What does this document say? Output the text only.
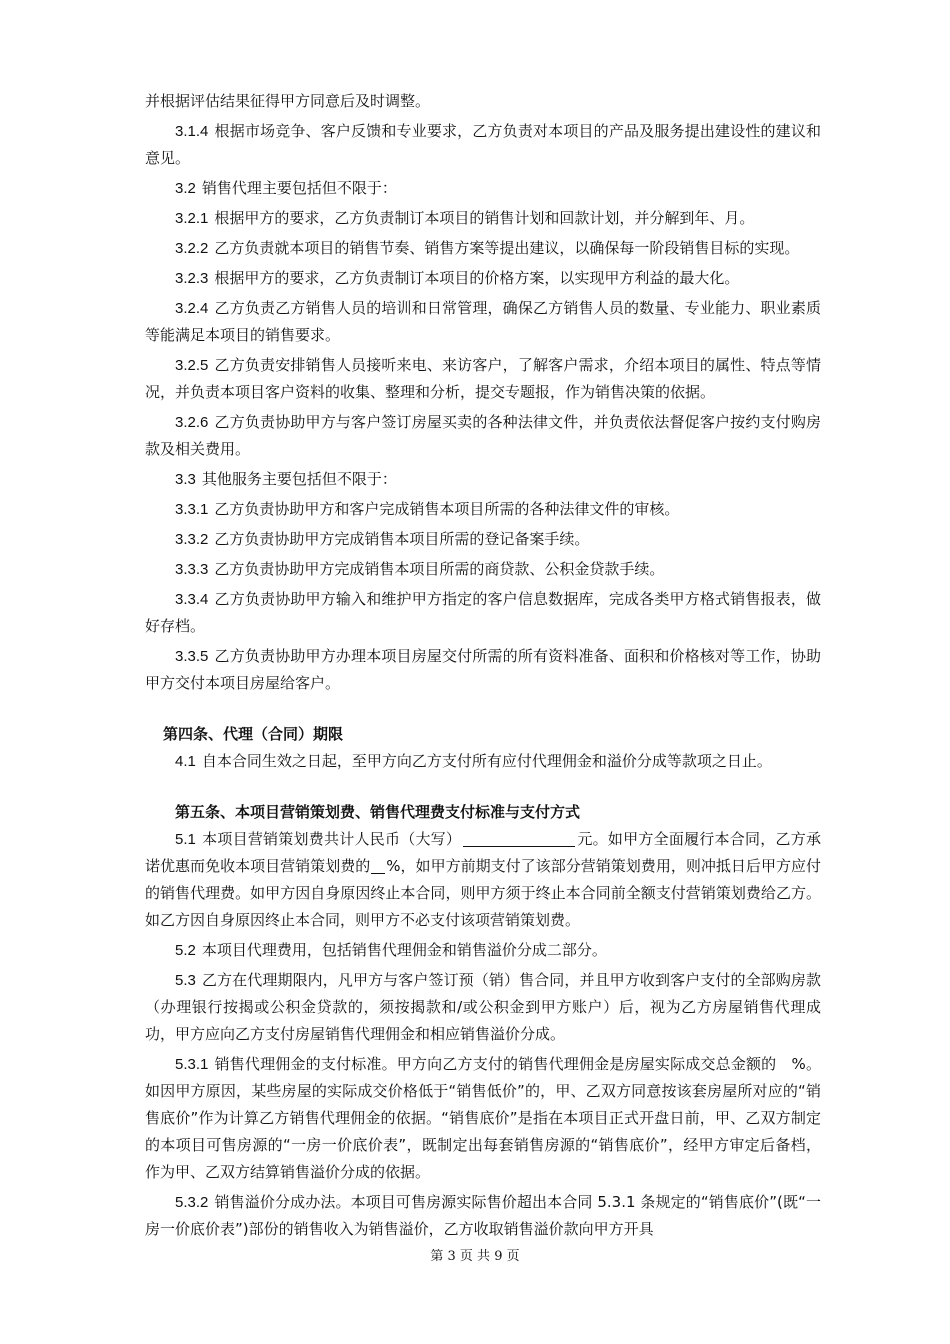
并根据评估结果征得甲方同意后及时调整。

3.1.4 根据市场竞争、客户反馈和专业要求，乙方负责对本项目的产品及服务提出建设性的建议和意见。

3.2 销售代理主要包括但不限于：

3.2.1 根据甲方的要求，乙方负责制订本项目的销售计划和回款计划，并分解到年、月。

3.2.2 乙方负责就本项目的销售节奏、销售方案等提出建议，以确保每一阶段销售目标的实现。

3.2.3 根据甲方的要求，乙方负责制订本项目的价格方案，以实现甲方利益的最大化。

3.2.4 乙方负责乙方销售人员的培训和日常管理，确保乙方销售人员的数量、专业能力、职业素质等能满足本项目的销售要求。

3.2.5 乙方负责安排销售人员接听来电、来访客户，了解客户需求，介绍本项目的属性、特点等情况，并负责本项目客户资料的收集、整理和分析，提交专题报，作为销售决策的依据。

3.2.6 乙方负责协助甲方与客户签订房屋买卖的各种法律文件，并负责依法督促客户按约支付购房款及相关费用。

3.3 其他服务主要包括但不限于：

3.3.1 乙方负责协助甲方和客户完成销售本项目所需的各种法律文件的审核。

3.3.2 乙方负责协助甲方完成销售本项目所需的登记备案手续。

3.3.3 乙方负责协助甲方完成销售本项目所需的商贷款、公积金贷款手续。

3.3.4 乙方负责协助甲方输入和维护甲方指定的客户信息数据库，完成各类甲方格式销售报表，做好存档。

3.3.5 乙方负责协助甲方办理本项目房屋交付所需的所有资料准备、面积和价格核对等工作，协助甲方交付本项目房屋给客户。

第四条、代理（合同）期限

4.1 自本合同生效之日起，至甲方向乙方支付所有应付代理佣金和溢价分成等款项之日止。

第五条、本项目营销策划费、销售代理费支付标准与支付方式

5.1 本项目营销策划费共计人民币（大写）	元。如甲方全面履行本合同，乙方承诺优惠而免收本项目营销策划费的 %，如甲方前期支付了该部分营销策划费用，则冲抵日后甲方应付的销售代理费。如甲方因自身原因终止本合同，则甲方须于终止本合同前全额支付营销策划费给乙方。如乙方因自身原因终止本合同，则甲方不必支付该项营销策划费。

5.2 本项目代理费用，包括销售代理佣金和销售溢价分成二部分。

5.3 乙方在代理期限内，凡甲方与客户签订预（销）售合同，并且甲方收到客户支付的全部购房款（办理银行按揭或公积金贷款的，须按揭款和/或公积金到甲方账户）后，视为乙方房屋销售代理成功，甲方应向乙方支付房屋销售代理佣金和相应销售溢价分成。

5.3.1 销售代理佣金的支付标准。甲方向乙方支付的销售代理佣金是房屋实际成交总金额的　%。如因甲方原因，某些房屋的实际成交价格低于“销售低价”的，甲、乙双方同意按该套房屋所对应的“销售底价”作为计算乙方销售代理佣金的依据。“销售底价”是指在本项目正式开盘日前，甲、乙双方制定的本项目可售房源的“一房一价底价表”，既制定出每套销售房源的“销售底价”，经甲方审定后备档，作为甲、乙双方结算销售溢价分成的依据。

5.3.2 销售溢价分成办法。本项目可售房源实际售价超出本合同 5.3.1 条规定的“销售底价”(既“一房一价底价表”)部份的销售收入为销售溢价，乙方收取销售溢价款向甲方开具

第 3 页 共 9 页
